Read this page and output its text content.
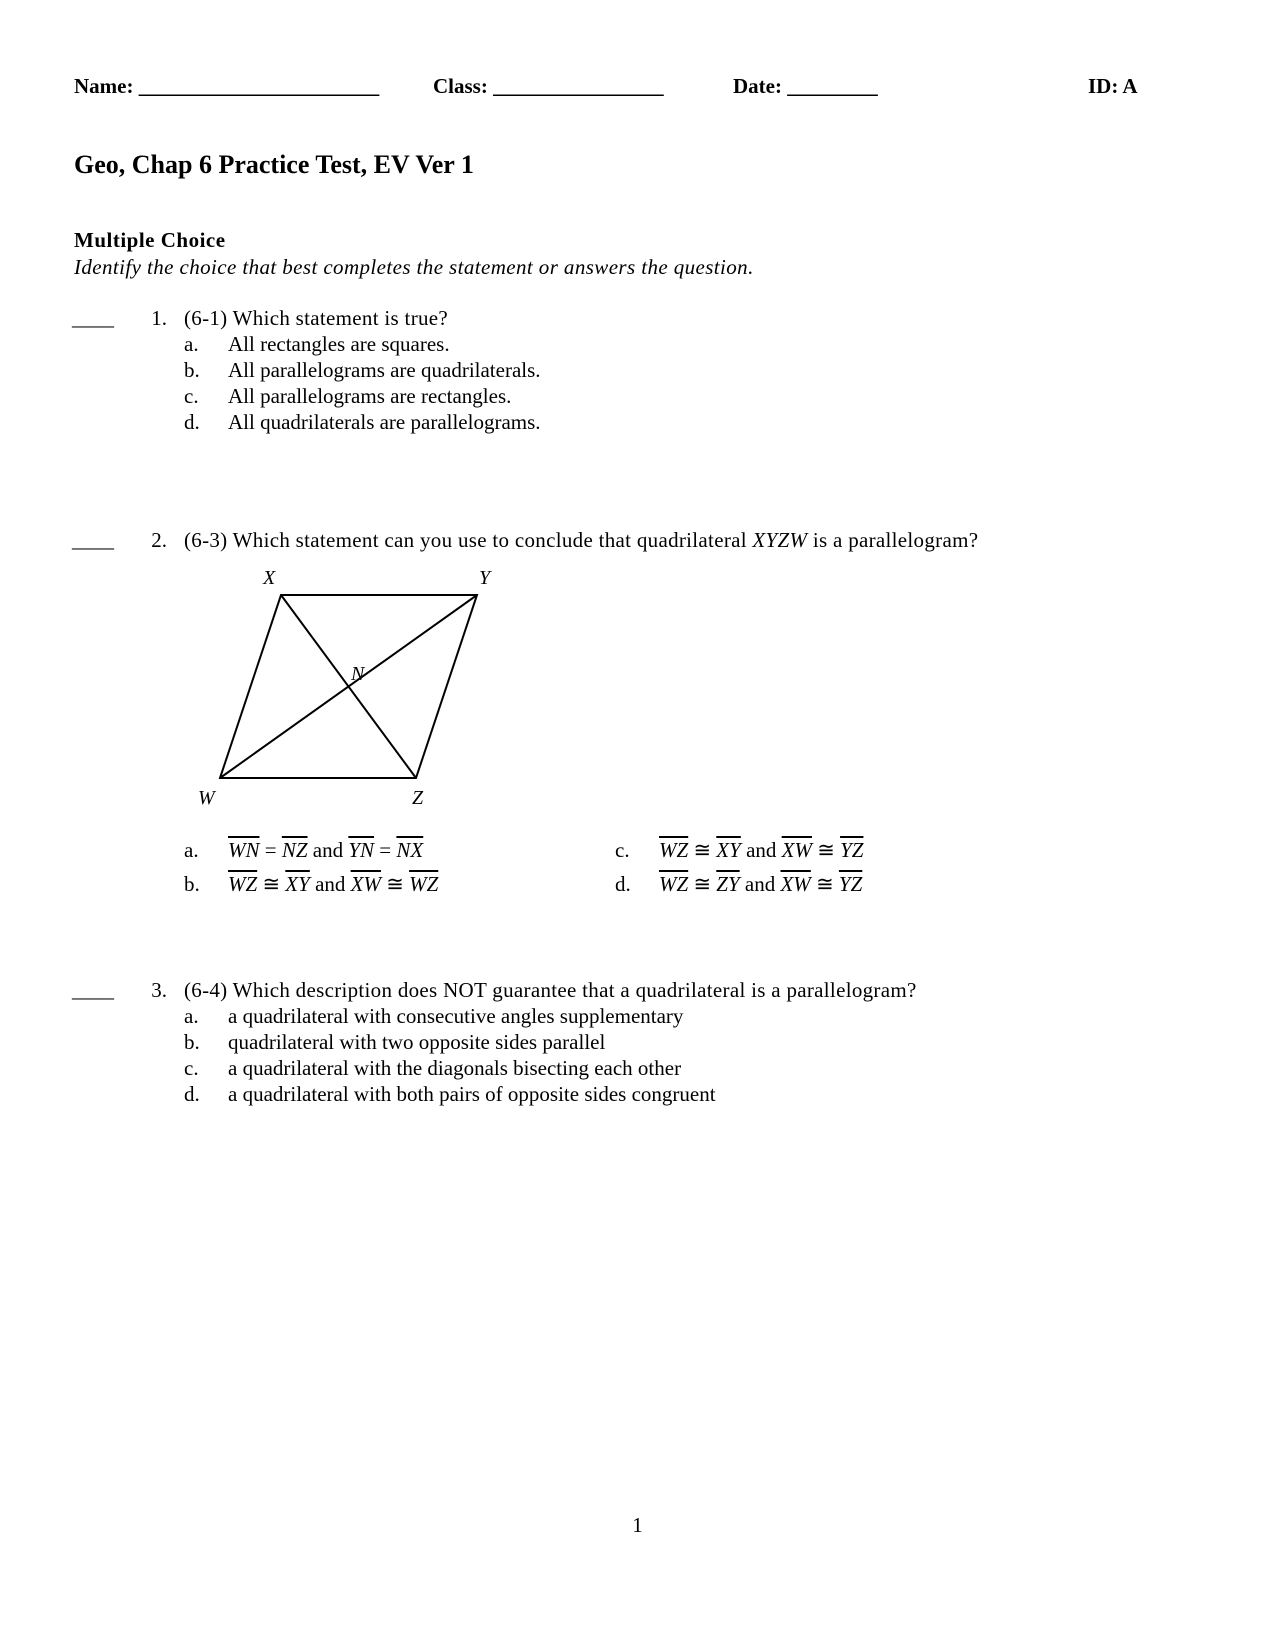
Name: ________________________	Class: _________________	Date: _________	ID: A
Geo, Chap 6 Practice Test, EV Ver 1
Multiple Choice
Identify the choice that best completes the statement or answers the question.
____	1. (6-1) Which statement is true?
a. All rectangles are squares.
b. All parallelograms are quadrilaterals.
c. All parallelograms are rectangles.
d. All quadrilaterals are parallelograms.
____	2. (6-3) Which statement can you use to conclude that quadrilateral XYZW is a parallelogram?
X	Y
N
W	Z
a. $\overline{WN} = \overline{NZ}$ and $\overline{YN} = \overline{NX}$
b. $\overline{WZ}$ ≅ $\overline{XY}$ and $\overline{XW}$ ≅ $\overline{WZ}$
c. $\overline{WZ}$ ≅ $\overline{XY}$ and $\overline{XW}$ ≅ $\overline{YZ}$
d. $\overline{WZ}$ ≅ $\overline{ZY}$ and $\overline{XW}$ ≅ $\overline{YZ}$
____	3. (6-4) Which description does NOT guarantee that a quadrilateral is a parallelogram?
a. a quadrilateral with consecutive angles supplementary
b. quadrilateral with two opposite sides parallel
c. a quadrilateral with the diagonals bisecting each other
d. a quadrilateral with both pairs of opposite sides congruent
1
